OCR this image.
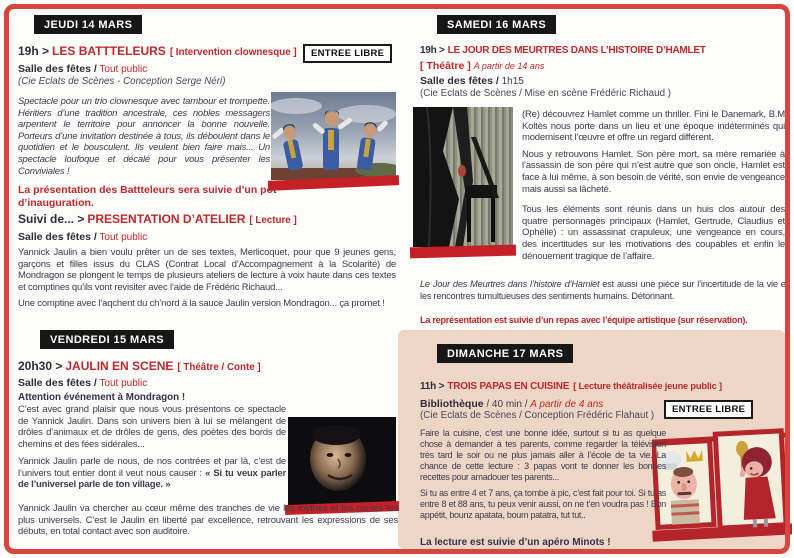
JEUDI 14 MARS
19h > LES BATTTELEURS [ Intervention clownesque ]	ENTREE LIBRE
Salle des fêtes / Tout public
(Cie Eclats de Scènes - Conception Serge Néri)

Spectacle pour un trio clownesque avec tambour et trompette. Héritiers d’une tradition ancestrale, ces nobles messagers arpentent le territoire pour annoncer la bonne nouvelle. Porteurs d’une invitation destinée à tous, ils déboulent dans le quotidien et le bousculent. Ils veulent bien faire mais... Un spectacle loufoque et décalé pour vous présenter les Conviviales !

La présentation des Battteleurs sera suivie d’un pot d’inauguration.
Suivi de... > PRESENTATION D’ATELIER [ Lecture ]
Salle des fêtes / Tout public

Yannick Jaulin a bien voulu prêter un de ses textes, Merlicoquet, pour que 9 jeunes gens, garçons et filles issus du CLAS (Contrat Local d’Accompagnement à la Scolarité) de Mondragon se plongent le temps de plusieurs ateliers de lecture à voix haute dans ces textes et comptines qu’ils vont revisiter avec l’aide de Frédéric Richaud...

Une comptine avec l’aqchent du ch’nord à la sauce Jaulin version Mondragon... ça promet !

VENDREDI 15 MARS
20h30 > JAULIN EN SCENE [ Théâtre / Conte ]
Salle des fêtes / Tout public
Attention événement à Mondragon !

C’est avec grand plaisir que nous vous présentons ce spectacle de Yannick Jaulin. Dans son univers bien à lui se mélangent de drôles d’animaux et de drôles de gens, des poètes des bords de chemins et des fées sidérales...

Yannick Jaulin parle de nous, de nos contrées et par là, c’est de l’univers tout entier dont il veut nous causer : « Si tu veux parler de l’universel parle de ton village. »

Yannick Jaulin va chercher au cœur même des tranches de vie les mythes et les contes les plus universels. C’est le Jaulin en liberté par excellence, retrouvant les expressions de ses débuts, en total contact avec son auditoire.

SAMEDI 16 MARS
19h > LE JOUR DES MEURTRES DANS L’HISTOIRE D’HAMLET
[ Théâtre ] A partir de 14 ans
Salle des fêtes / 1h15
(Cie Eclats de Scènes / Mise en scène Frédéric Richaud )

(Re) découvrez Hamlet comme un thriller. Fini le Danemark, B.M Koltès nous porte dans un lieu et une époque indéterminés qui modernisent l’œuvre et offre un regard différent.

Nous y retrouvons Hamlet. Son père mort, sa mère remariée à l’assassin de son père qui n’est autre que son oncle, Hamlet est face à lui même, à son besoin de vérité, son envie de vengeance mais aussi sa lâcheté.

Tous les éléments sont réunis dans un huis clos autour des quatre personnages principaux (Hamlet, Gertrude, Claudius et Ophélie) : un assassinat crapuleux, une vengeance en cours, des incertitudes sur les motivations des coupables et enfin le dénouement tragique de l’affaire.

Le Jour des Meurtres dans l’histoire d’Hamlet est aussi une pièce sur l’incertitude de la vie et les rencontres tumultueuses des sentiments humains. Détonnant.

La représentation est suivie d’un repas avec l’équipe artistique (sur réservation).
DIMANCHE 17 MARS
11h > TROIS PAPAS EN CUISINE [ Lecture théâtralisée jeune public ]
Bibliothèque / 40 min / A partir de 4 ans
(Cie Eclats de Scènes / Conception Frédéric Flahaut )
ENTREE LIBRE

Faire la cuisine, c’est une bonne idée, surtout si tu as quelque chose à demander à tes parents, comme regarder la télévision très tard le soir ou ne plus jamais aller à l’école de ta vie. La chance de cette lecture : 3 papas vont te donner les bonnes recettes pour amadouer tes parents...

Si tu as entre 4 et 7 ans, ça tombe à pic, c’est fait pour toi. Si tu as entre 8 et 88 ans, tu peux venir aussi, on ne t’en voudra pas ! Bon appétit, bounz apatata, boum patatra, tut tut..

La lecture est suivie d’un apéro Minots !
